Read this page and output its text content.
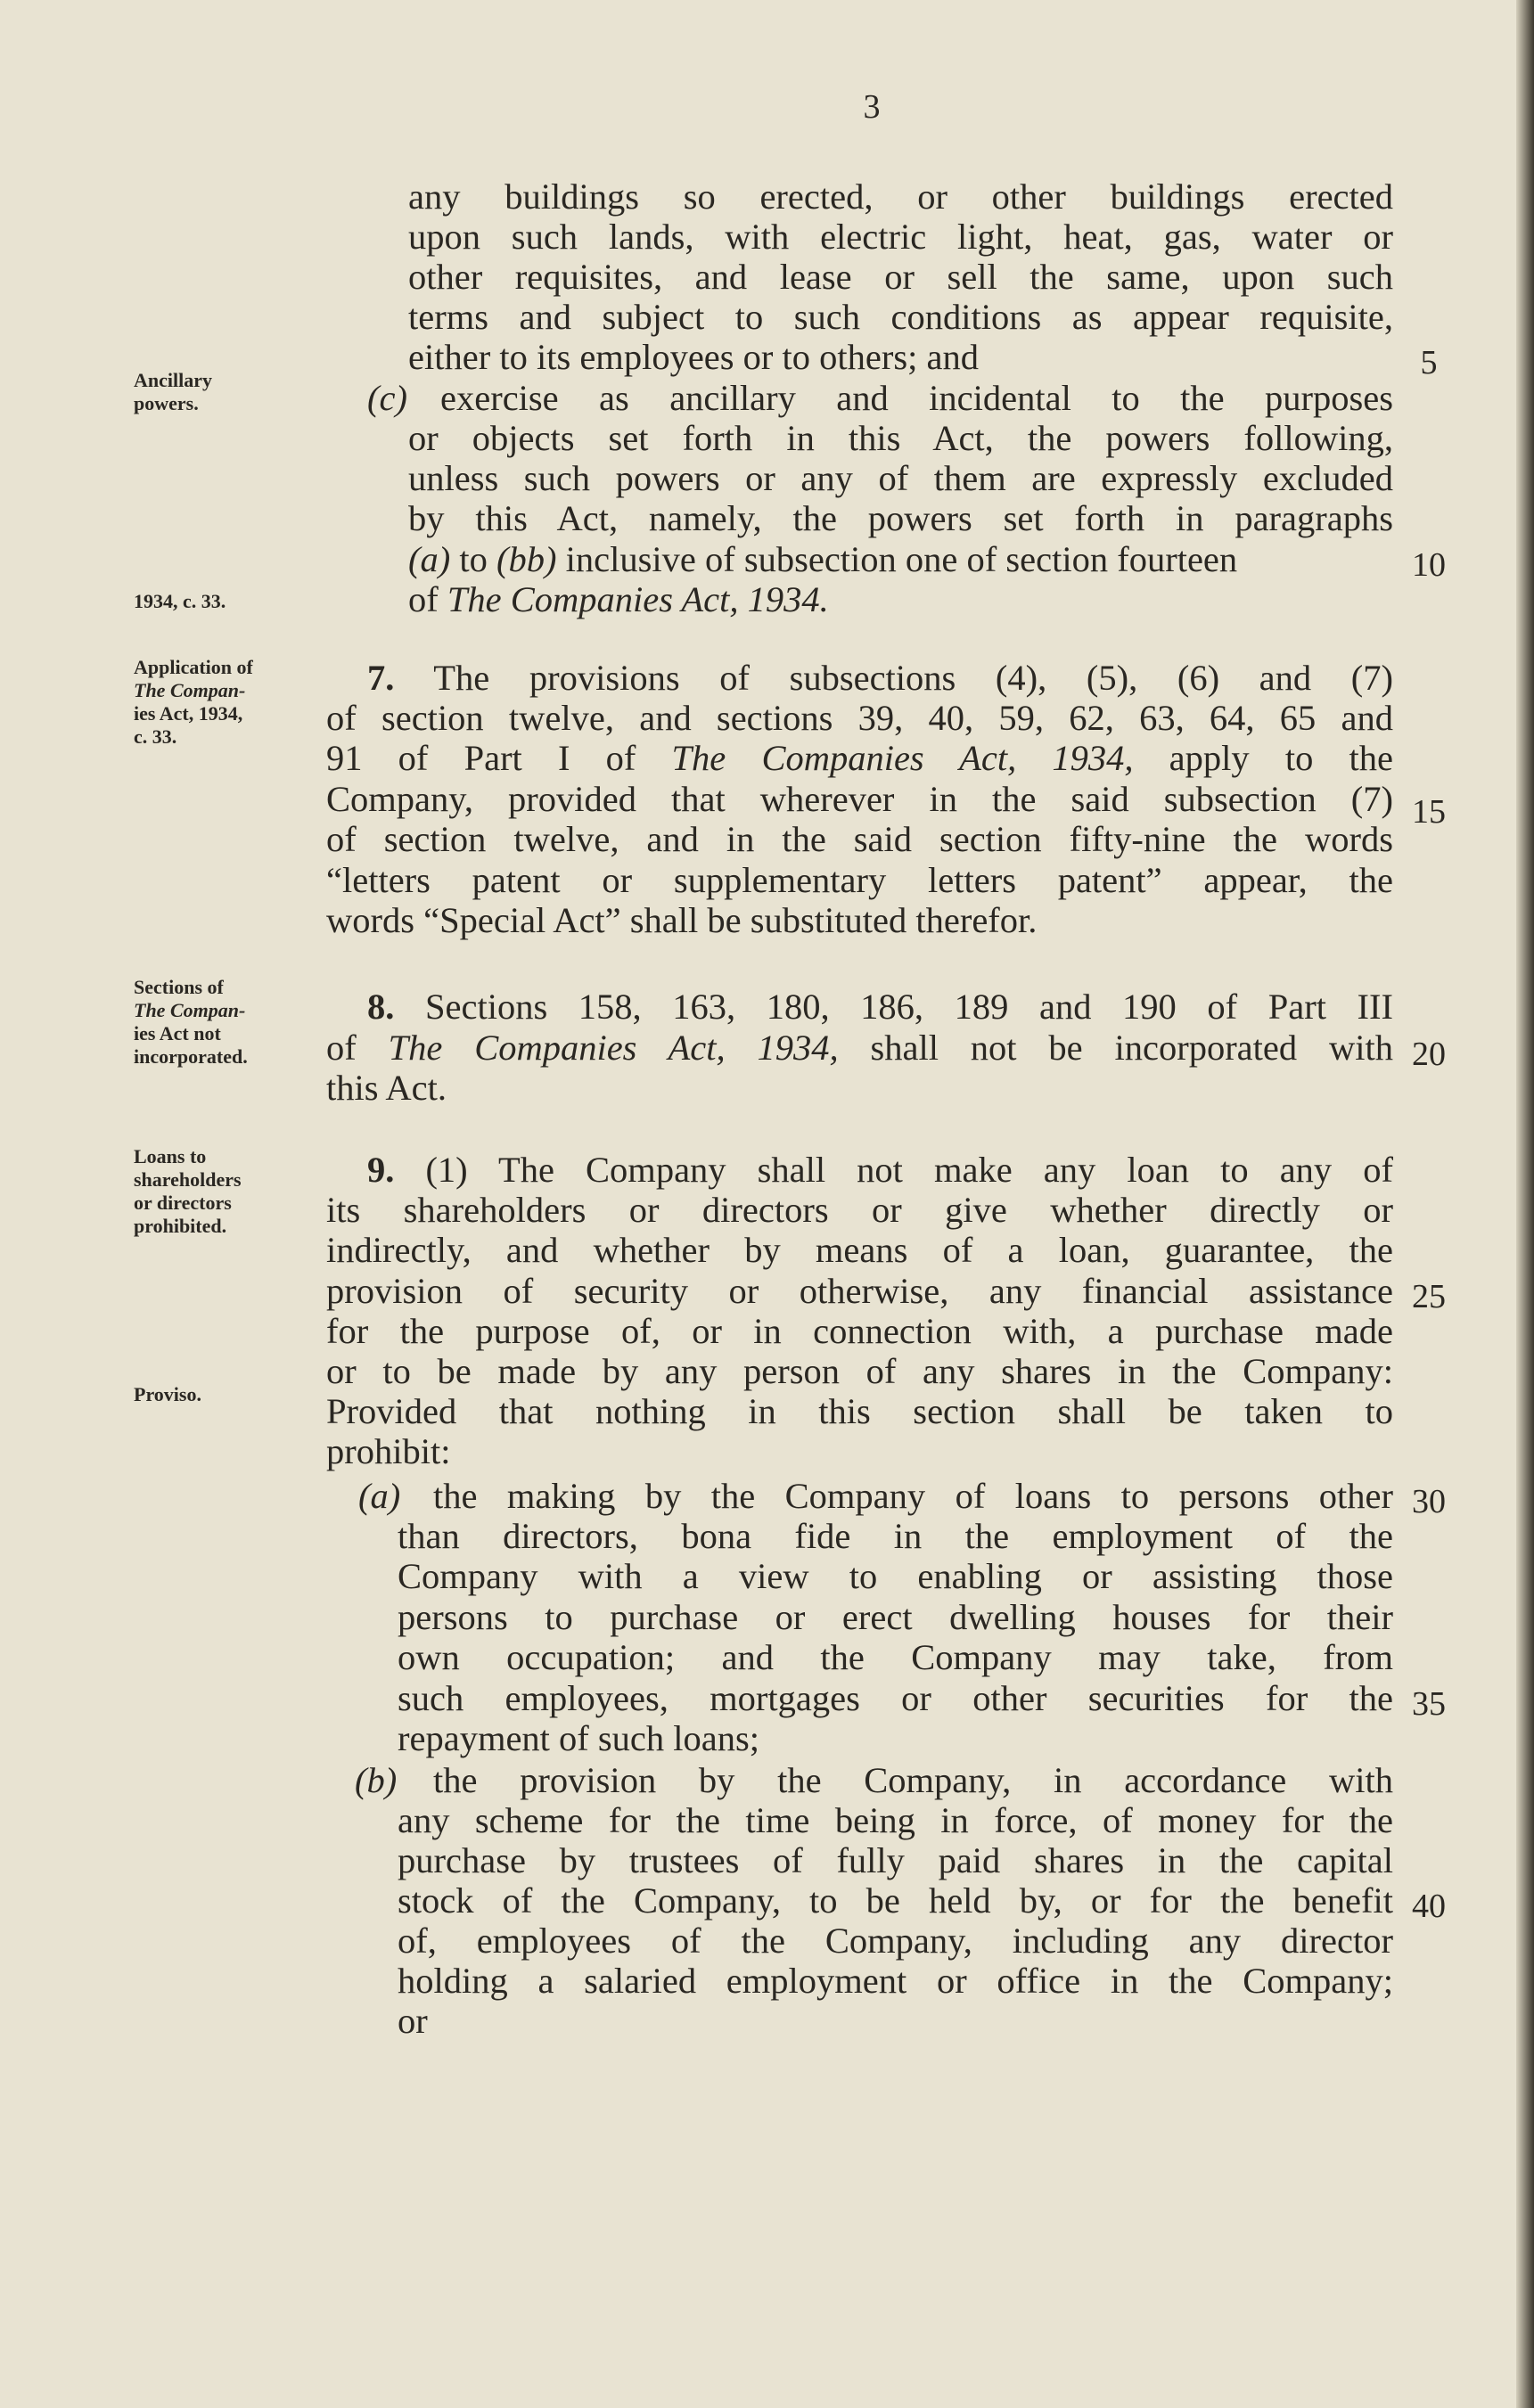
3
Ancillary
powers.
1934, c. 33.
Application of
The Compan-
ies Act, 1934,
c. 33.
Sections of
The Compan-
ies Act not
incorporated.
Loans to
shareholders
or directors
prohibited.
Proviso.
5
10
15
20
25
30
35
40
any buildings so erected, or other buildings erected
upon such lands, with electric light, heat, gas, water or
other requisites, and lease or sell the same, upon such
terms and subject to such conditions as appear requisite,
either to its employees or to others; and
(c) exercise as ancillary and incidental to the purposes
or objects set forth in this Act, the powers following,
unless such powers or any of them are expressly excluded
by this Act, namely, the powers set forth in paragraphs
(a) to (bb) inclusive of subsection one of section fourteen
of The Companies Act, 1934.
7. The provisions of subsections (4), (5), (6) and (7)
of section twelve, and sections 39, 40, 59, 62, 63, 64, 65 and
91 of Part I of The Companies Act, 1934, apply to the
Company, provided that wherever in the said subsection (7)
of section twelve, and in the said section fifty-nine the words
“letters patent or supplementary letters patent” appear, the
words “Special Act” shall be substituted therefor.
8. Sections 158, 163, 180, 186, 189 and 190 of Part III
of The Companies Act, 1934, shall not be incorporated with
this Act.
9. (1) The Company shall not make any loan to any of
its shareholders or directors or give whether directly or
indirectly, and whether by means of a loan, guarantee, the
provision of security or otherwise, any financial assistance
for the purpose of, or in connection with, a purchase made
or to be made by any person of any shares in the Company:
Provided that nothing in this section shall be taken to
prohibit:
(a) the making by the Company of loans to persons other
than directors, bona fide in the employment of the
Company with a view to enabling or assisting those
persons to purchase or erect dwelling houses for their
own occupation; and the Company may take, from
such employees, mortgages or other securities for the
repayment of such loans;
(b) the provision by the Company, in accordance with
any scheme for the time being in force, of money for the
purchase by trustees of fully paid shares in the capital
stock of the Company, to be held by, or for the benefit
of, employees of the Company, including any director
holding a salaried employment or office in the Company;
or
